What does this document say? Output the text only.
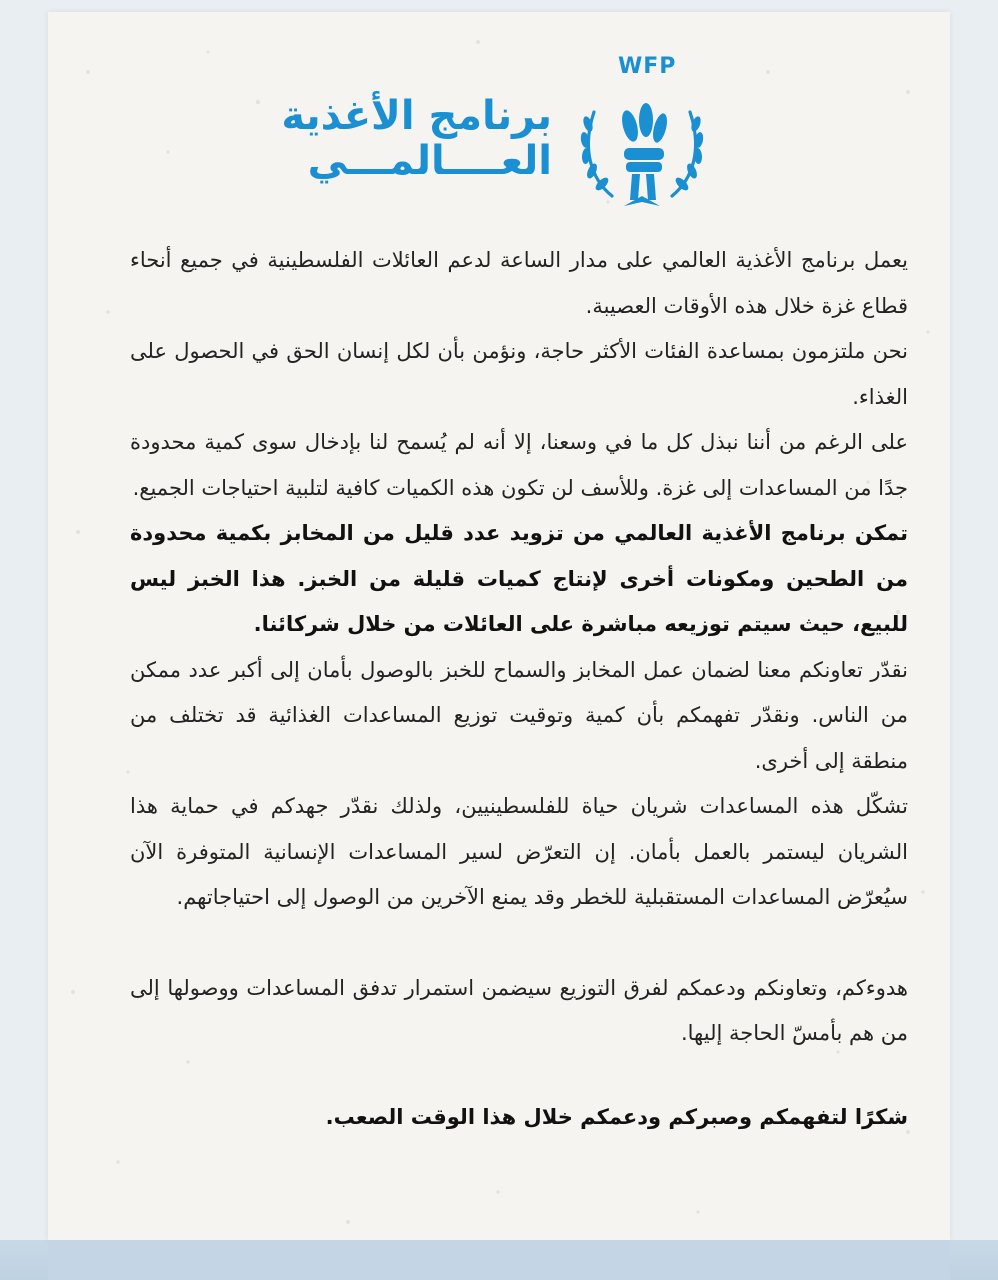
WFP
برنامج الأغذية
العــــالمـــي

يعمل برنامج الأغذية العالمي على مدار الساعة لدعم العائلات الفلسطينية في جميع أنحاء قطاع غزة خلال هذه الأوقات العصيبة.

نحن ملتزمون بمساعدة الفئات الأكثر حاجة، ونؤمن بأن لكل إنسان الحق في الحصول على الغذاء.

على الرغم من أننا نبذل كل ما في وسعنا، إلا أنه لم يُسمح لنا بإدخال سوى كمية محدودة جدًا من المساعدات إلى غزة. وللأسف لن تكون هذه الكميات كافية لتلبية احتياجات الجميع.

تمكن برنامج الأغذية العالمي من تزويد عدد قليل من المخابز بكمية محدودة من الطحين ومكونات أخرى لإنتاج كميات قليلة من الخبز. هذا الخبز ليس للبيع، حيث سيتم توزيعه مباشرة على العائلات من خلال شركائنا.

نقدّر تعاونكم معنا لضمان عمل المخابز والسماح للخبز بالوصول بأمان إلى أكبر عدد ممكن من الناس. ونقدّر تفهمكم بأن كمية وتوقيت توزيع المساعدات الغذائية قد تختلف من منطقة إلى أخرى.

تشكّل هذه المساعدات شريان حياة للفلسطينيين، ولذلك نقدّر جهدكم في حماية هذا الشريان ليستمر بالعمل بأمان. إن التعرّض لسير المساعدات الإنسانية المتوفرة الآن سيُعرّض المساعدات المستقبلية للخطر وقد يمنع الآخرين من الوصول إلى احتياجاتهم.

هدوءكم، وتعاونكم ودعمكم لفرق التوزيع سيضمن استمرار تدفق المساعدات ووصولها إلى من هم بأمسّ الحاجة إليها.

شكرًا لتفهمكم وصبركم ودعمكم خلال هذا الوقت الصعب.
